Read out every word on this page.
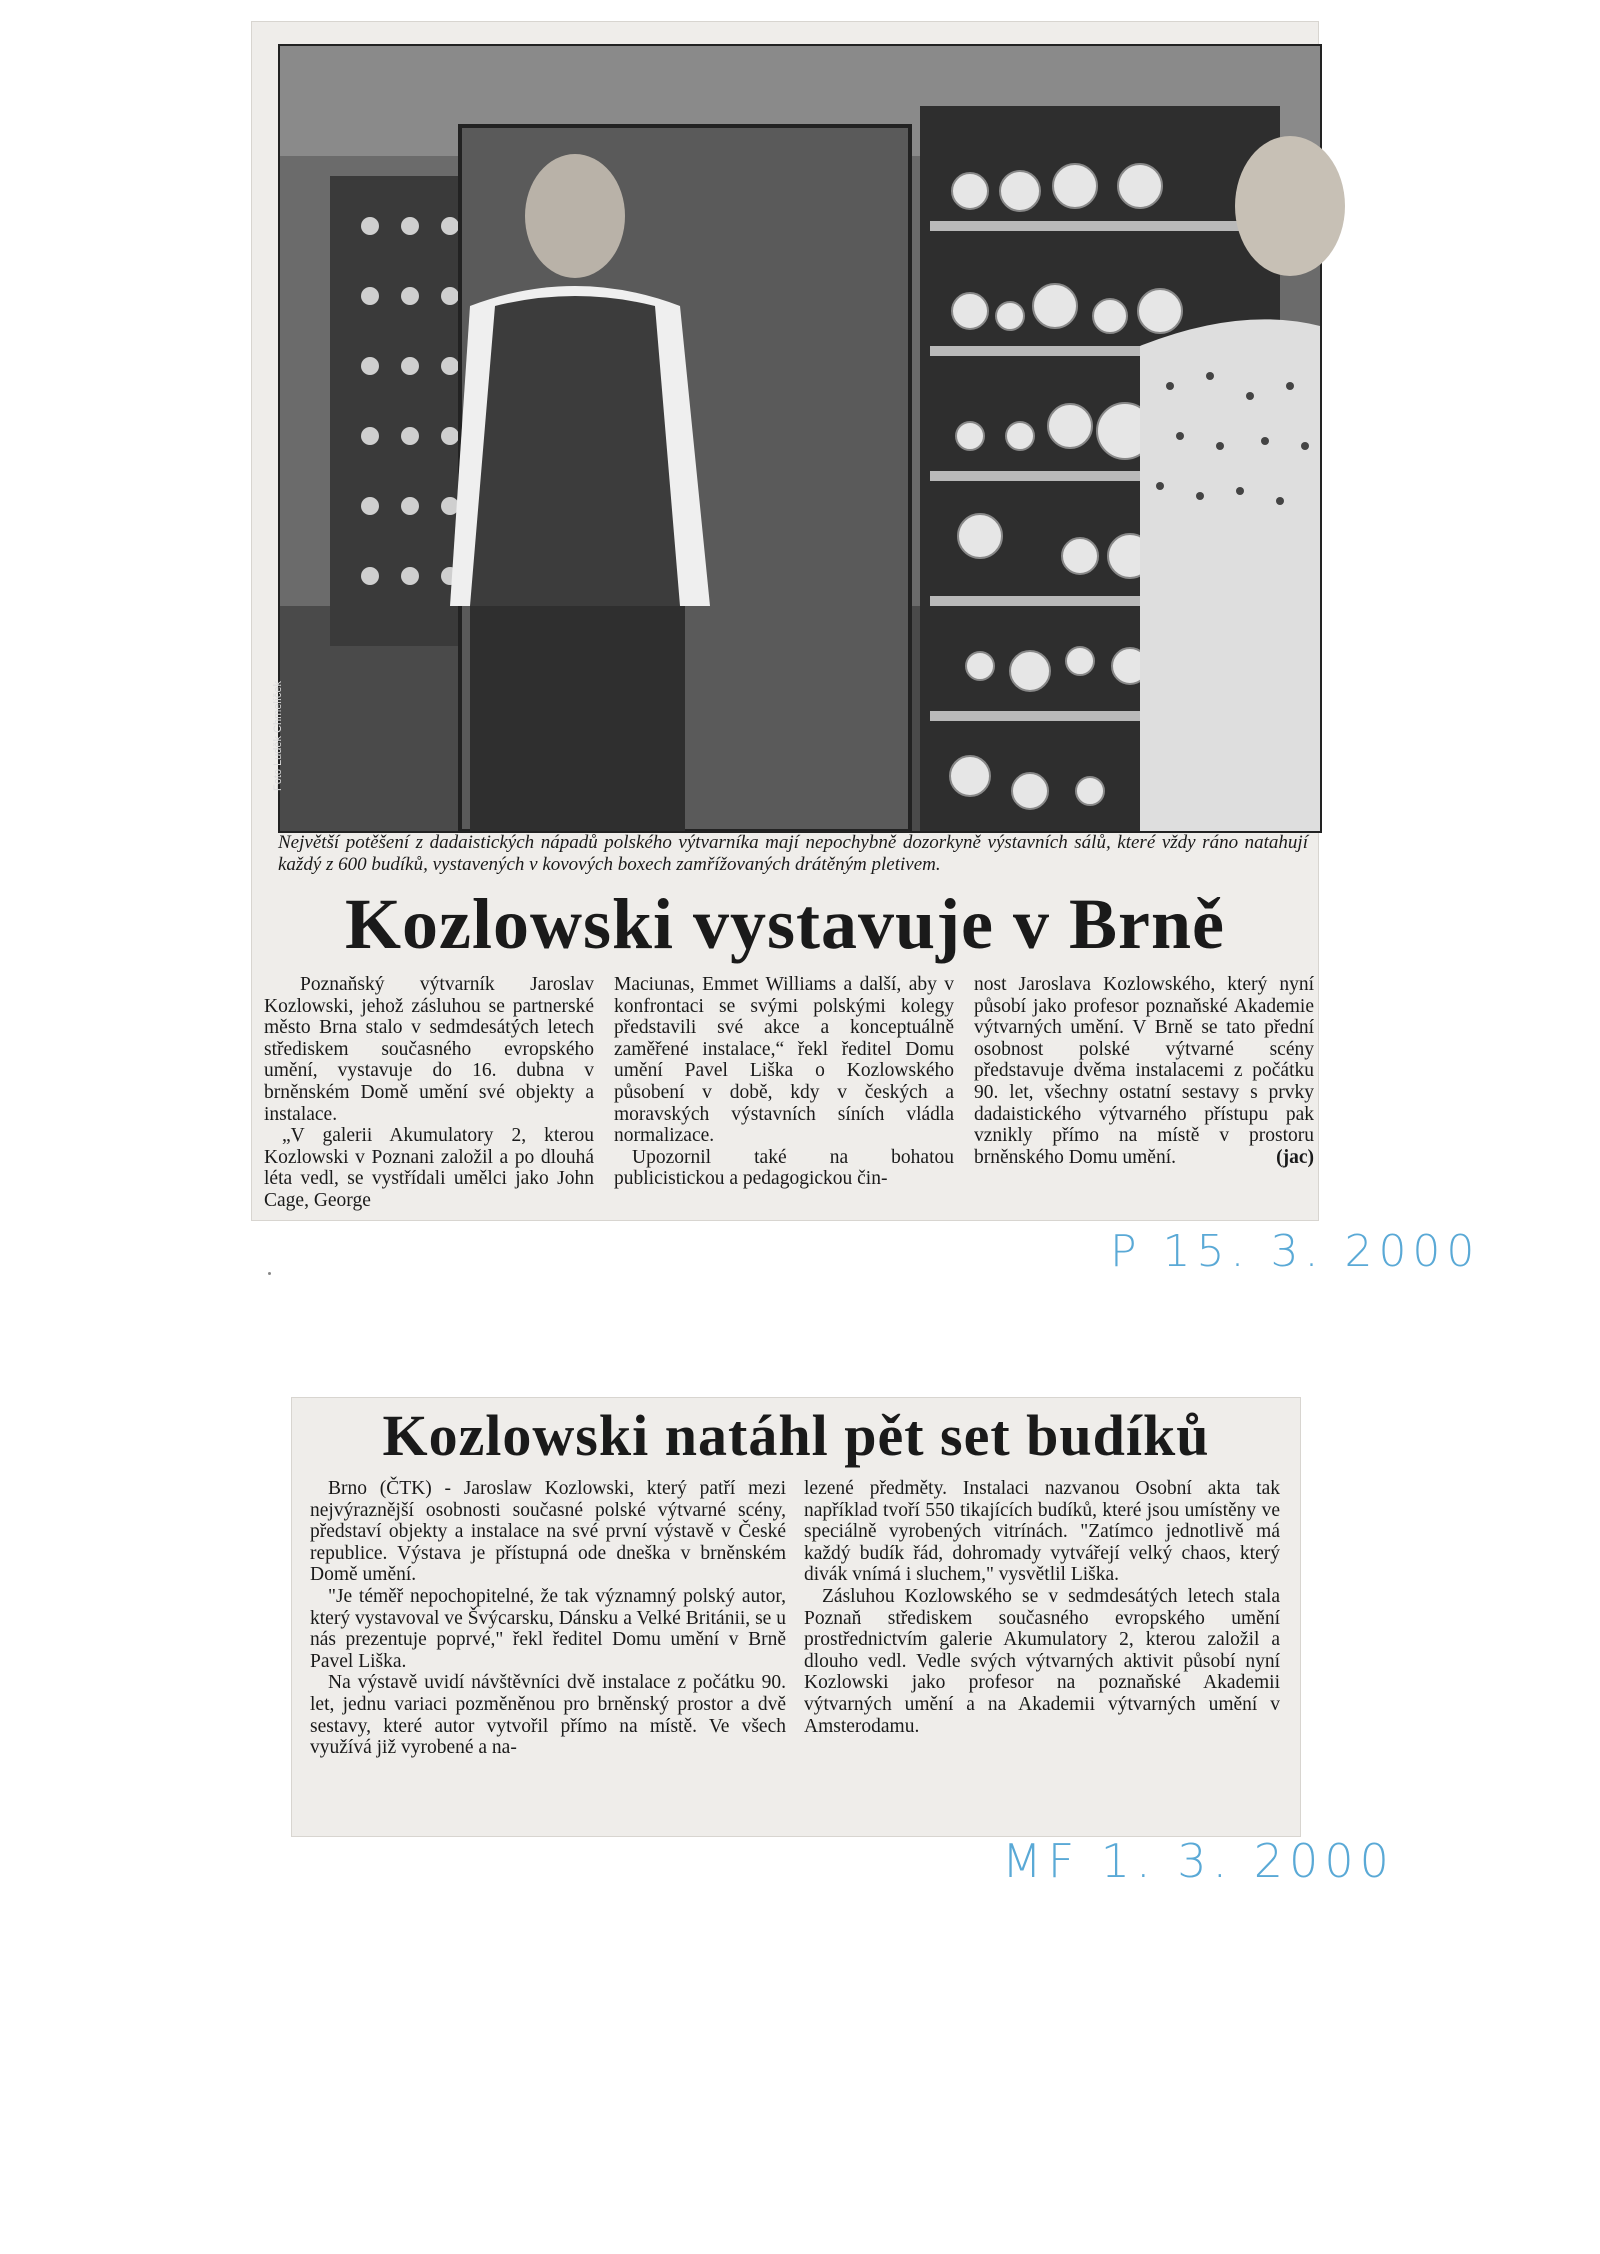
Foto Luděk Chmelíček
Největší potěšení z dadaistických nápadů polského výtvarníka mají nepochybně dozorkyně výstavních sálů, které vždy ráno natahují každý z 600 budíků, vystavených v kovových boxech zamřížovaných drátěným pletivem.
Kozlowski vystavuje v Brně

Poznaňský výtvarník Jaroslav Kozlowski, jehož zásluhou se partnerské město Brna stalo v sedmdesátých letech střediskem současného evropského umění, vystavuje do 16. dubna v brněnském Domě umění své objekty a instalace.

„V galerii Akumulatory 2, kterou Kozlowski v Poznani založil a po dlouhá léta vedl, se vystřídali umělci jako John Cage, George

Maciunas, Emmet Williams a další, aby v konfrontaci se svými polskými kolegy představili své akce a konceptuálně zaměřené instalace,“ řekl ředitel Domu umění Pavel Liška o Kozlowského působení v době, kdy v českých a moravských výstavních síních vládla normalizace.

Upozornil také na bohatou publicistickou a pedagogickou čin-

nost Jaroslava Kozlowského, který nyní působí jako profesor poznaňské Akademie výtvarných umění. V Brně se tato přední osobnost polské výtvarné scény představuje dvěma instalacemi z počátku 90. let, všechny ostatní sestavy s prvky dadaistického výtvarného přístupu pak vznikly přímo na místě v prostoru brněnského Domu umění.	(jac)

P 15. 3. 2000
Kozlowski natáhl pět set budíků

Brno (ČTK) - Jaroslaw Kozlowski, který patří mezi nejvýraznější osobnosti současné polské výtvarné scény, představí objekty a instalace na své první výstavě v České republice. Výstava je přístupná ode dneška v brněnském Domě umění.

"Je téměř nepochopitelné, že tak významný polský autor, který vystavoval ve Švýcarsku, Dánsku a Velké Británii, se u nás prezentuje poprvé," řekl ředitel Domu umění v Brně Pavel Liška.

Na výstavě uvidí návštěvníci dvě instalace z počátku 90. let, jednu variaci pozměněnou pro brněnský prostor a dvě sestavy, které autor vytvořil přímo na místě. Ve všech využívá již vyrobené a na-

lezené předměty. Instalaci nazvanou Osobní akta tak například tvoří 550 tikajících budíků, které jsou umístěny ve speciálně vyrobených vitrínách. "Zatímco jednotlivě má každý budík řád, dohromady vytvářejí velký chaos, který divák vnímá i sluchem," vysvětlil Liška.

Zásluhou Kozlowského se v sedmdesátých letech stala Poznaň střediskem současného evropského umění prostřednictvím galerie Akumulatory 2, kterou založil a dlouho vedl. Vedle svých výtvarných aktivit působí nyní Kozlowski jako profesor na poznaňské Akademii výtvarných umění a na Akademii výtvarných umění v Amsterodamu.

MF 1. 3. 2000
